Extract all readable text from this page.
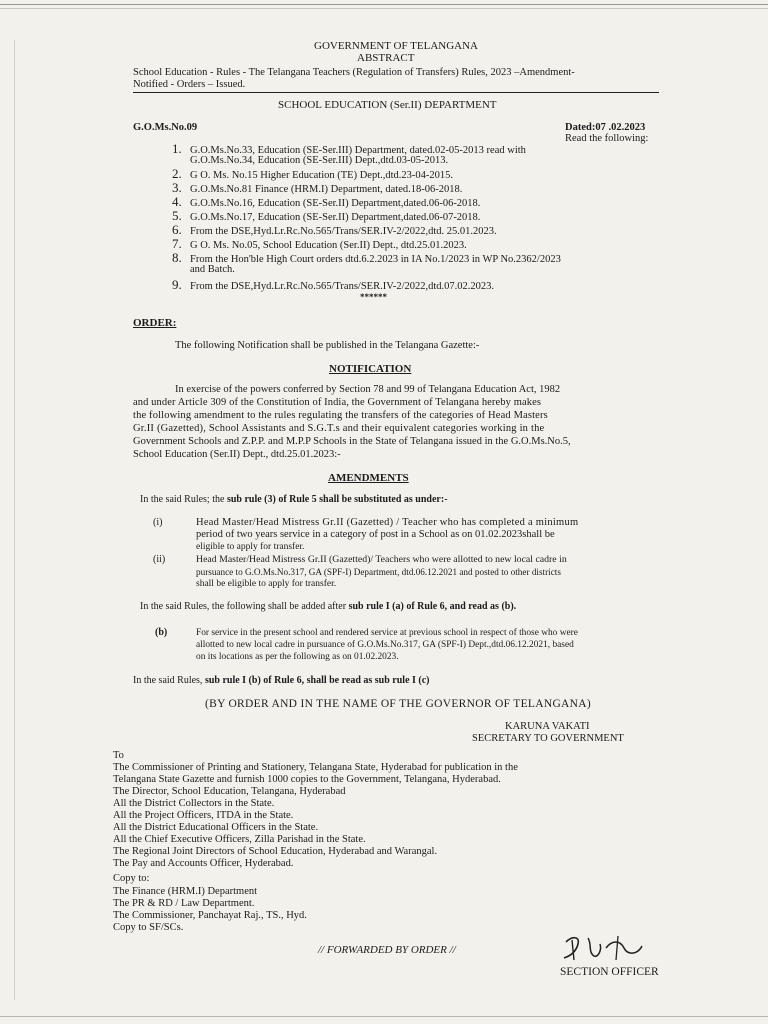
GOVERNMENT OF TELANGANA
ABSTRACT
School Education - Rules - The Telangana Teachers (Regulation of Transfers) Rules, 2023 –Amendment-
Notified - Orders – Issued.
SCHOOL EDUCATION (Ser.II) DEPARTMENT
G.O.Ms.No.09	Dated:07 .02.2023
Read the following:
1. G.O.Ms.No.33, Education (SE-Ser.III) Department, dated.02-05-2013 read with
G.O.Ms.No.34, Education (SE-Ser.III) Dept.,dtd.03-05-2013.
2. G O. Ms. No.15 Higher Education (TE) Dept.,dtd.23-04-2015.
3. G.O.Ms.No.81 Finance (HRM.I) Department, dated.18-06-2018.
4. G.O.Ms.No.16, Education (SE-Ser.II) Department,dated.06-06-2018.
5. G.O.Ms.No.17, Education (SE-Ser.II) Department,dated.06-07-2018.
6. From the DSE,Hyd.Lr.Rc.No.565/Trans/SER.IV-2/2022,dtd. 25.01.2023.
7. G O. Ms. No.05, School Education (Ser.II) Dept., dtd.25.01.2023.
8. From the Hon'ble High Court orders dtd.6.2.2023 in IA No.1/2023 in WP No.2362/2023
and Batch.
9. From the DSE,Hyd.Lr.Rc.No.565/Trans/SER.IV-2/2022,dtd.07.02.2023.
******
ORDER:
The following Notification shall be published in the Telangana Gazette:-
NOTIFICATION
In exercise of the powers conferred by Section 78 and 99 of Telangana Education Act, 1982
and under Article 309 of the Constitution of India, the Government of Telangana hereby makes
the following amendment to the rules regulating the transfers of the categories of Head Masters
Gr.II (Gazetted), School Assistants and S.G.T.s and their equivalent categories working in the
Government Schools and Z.P.P. and M.P.P Schools in the State of Telangana issued in the G.O.Ms.No.5,
School Education (Ser.II) Dept., dtd.25.01.2023:-
AMENDMENTS
In the said Rules; the sub rule (3) of Rule 5 shall be substituted as under:-
(i)	Head Master/Head Mistress Gr.II (Gazetted) / Teacher who has completed a minimum
period of two years service in a category of post in a School as on 01.02.2023shall be
eligible to apply for transfer.
(ii)	Head Master/Head Mistress Gr.II (Gazetted)/ Teachers who were allotted to new local cadre in
pursuance to G.O.Ms.No.317, GA (SPF-I) Department, dtd.06.12.2021 and posted to other districts
shall be eligible to apply for transfer.
In the said Rules, the following shall be added after sub rule I (a) of Rule 6, and read as (b).
(b)	For service in the present school and rendered service at previous school in respect of those who were
allotted to new local cadre in pursuance of G.O.Ms.No.317, GA (SPF-I) Dept.,dtd.06.12.2021, based
on its locations as per the following as on 01.02.2023.
In the said Rules, sub rule I (b) of Rule 6, shall be read as sub rule I (c)
(BY ORDER AND IN THE NAME OF THE GOVERNOR OF TELANGANA)
KARUNA VAKATI
SECRETARY TO GOVERNMENT
To
The Commissioner of Printing and Stationery, Telangana State, Hyderabad for publication in the
Telangana State Gazette and furnish 1000 copies to the Government, Telangana, Hyderabad.
The Director, School Education, Telangana, Hyderabad
All the District Collectors in the State.
All the Project Officers, ITDA in the State.
All the District Educational Officers in the State.
All the Chief Executive Officers, Zilla Parishad in the State.
The Regional Joint Directors of School Education, Hyderabad and Warangal.
The Pay and Accounts Officer, Hyderabad.
Copy to:
The Finance (HRM.I) Department
The PR & RD / Law Department.
The Commissioner, Panchayat Raj., TS., Hyd.
Copy to SF/SCs.
// FORWARDED BY ORDER //
SECTION OFFICER
